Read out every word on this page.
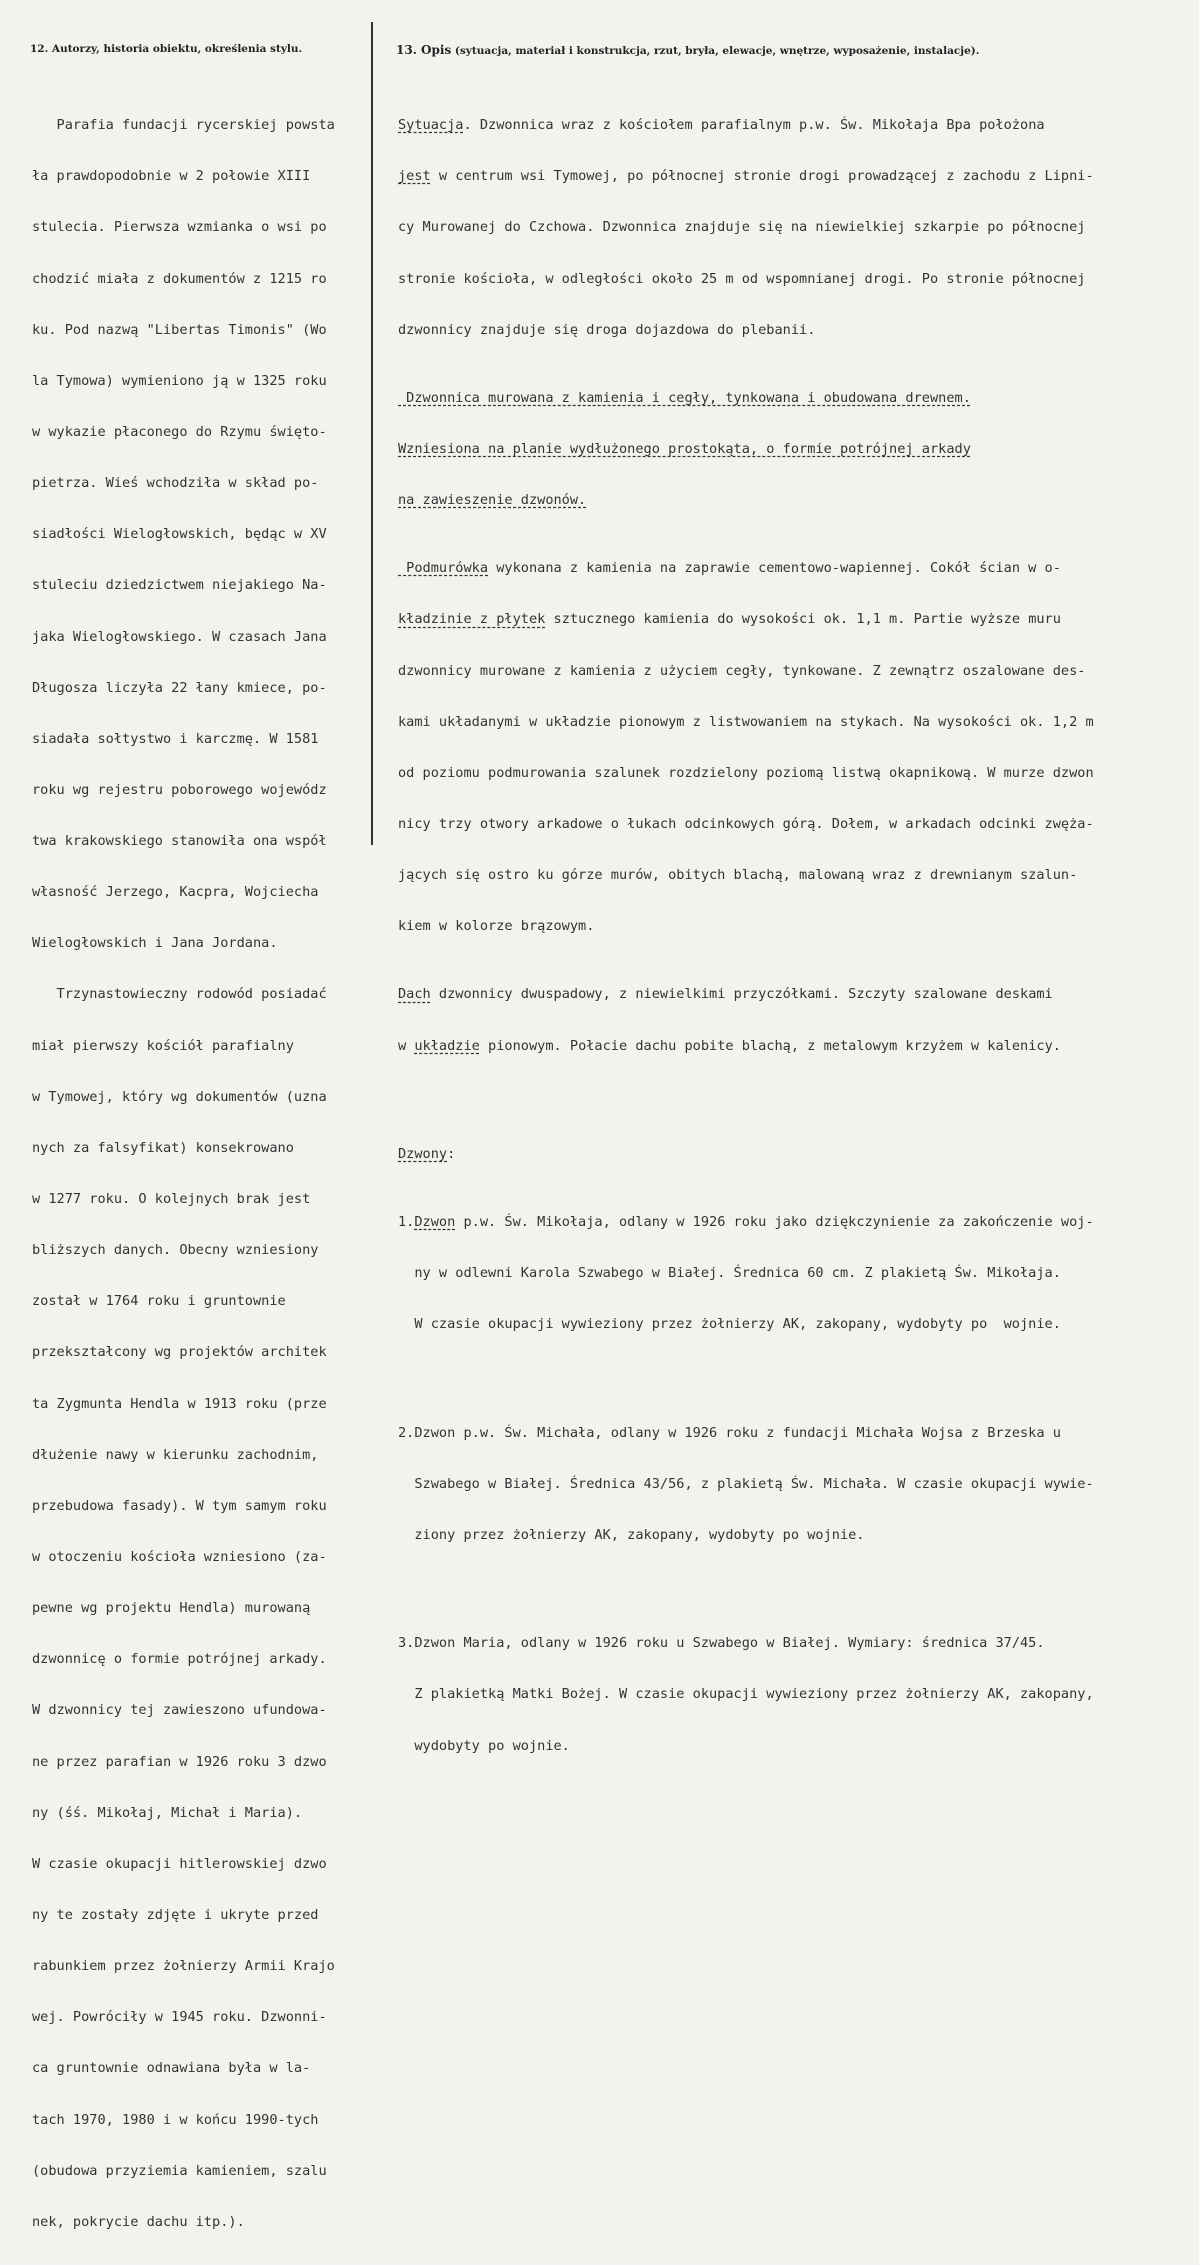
12. Autorzy, historia obiektu, określenia stylu.	13. Opis (sytuacja, materiał i konstrukcja, rzut, bryła, elewacje, wnętrze, wyposażenie, instalacje).

Parafia fundacji rycerskiej powsta

ła prawdopodobnie w 2 połowie XIII

stulecia. Pierwsza wzmianka o wsi po

chodzić miała z dokumentów z 1215 ro

ku. Pod nazwą "Libertas Timonis" (Wo

la Tymowa) wymieniono ją w 1325 roku

w wykazie płaconego do Rzymu święto-

pietrza. Wieś wchodziła w skład po-

siadłości Wielogłowskich, będąc w XV

stuleciu dziedzictwem niejakiego Na-

jaka Wielogłowskiego. W czasach Jana

Długosza liczyła 22 łany kmiece, po-

siadała sołtystwo i karczmę. W 1581

roku wg rejestru poborowego wojewódz

twa krakowskiego stanowiła ona współ

własność Jerzego, Kacpra, Wojciecha

Wielogłowskich i Jana Jordana.

Trzynastowieczny rodowód posiadać

miał pierwszy kościół parafialny

w Tymowej, który wg dokumentów (uzna

nych za falsyfikat) konsekrowano

w 1277 roku. O kolejnych brak jest

bliższych danych. Obecny wzniesiony

został w 1764 roku i gruntownie

przekształcony wg projektów architek

ta Zygmunta Hendla w 1913 roku (prze

dłużenie nawy w kierunku zachodnim,

przebudowa fasady). W tym samym roku

w otoczeniu kościoła wzniesiono (za-

pewne wg projektu Hendla) murowaną

dzwonnicę o formie potrójnej arkady.

W dzwonnicy tej zawieszono ufundowa-

ne przez parafian w 1926 roku 3 dzwo

ny (śś. Mikołaj, Michał i Maria).

W czasie okupacji hitlerowskiej dzwo

ny te zostały zdjęte i ukryte przed

rabunkiem przez żołnierzy Armii Krajo

wej. Powróciły w 1945 roku. Dzwonni-

ca gruntownie odnawiana była w la-

tach 1970, 1980 i w końcu 1990-tych

(obudowa przyziemia kamieniem, szalu

nek, pokrycie dachu itp.).

Sytuacja. Dzwonnica wraz z kościołem parafialnym p.w. Św. Mikołaja Bpa położona

jest w centrum wsi Tymowej, po północnej stronie drogi prowadzącej z zachodu z Lipni-

cy Murowanej do Czchowa. Dzwonnica znajduje się na niewielkiej szkarpie po północnej

stronie kościoła, w odległości około 25 m od wspomnianej drogi. Po stronie północnej

dzwonnicy znajduje się droga dojazdowa do plebanii.

Dzwonnica murowana z kamienia i cegły, tynkowana i obudowana drewnem.

Wzniesiona na planie wydłużonego prostokąta, o formie potrójnej arkady

na zawieszenie dzwonów.

Podmurówka wykonana z kamienia na zaprawie cementowo-wapiennej. Cokół ścian w o-

kładzinie z płytek sztucznego kamienia do wysokości ok. 1,1 m. Partie wyższe muru

dzwonnicy murowane z kamienia z użyciem cegły, tynkowane. Z zewnątrz oszalowane des-

kami układanymi w układzie pionowym z listwowaniem na stykach. Na wysokości ok. 1,2 m

od poziomu podmurowania szalunek rozdzielony poziomą listwą okapnikową. W murze dzwon

nicy trzy otwory arkadowe o łukach odcinkowych górą. Dołem, w arkadach odcinki zwęża-

jących się ostro ku górze murów, obitych blachą, malowaną wraz z drewnianym szalun-

kiem w kolorze brązowym.

Dach dzwonnicy dwuspadowy, z niewielkimi przyczółkami. Szczyty szalowane deskami

w układzie pionowym. Połacie dachu pobite blachą, z metalowym krzyżem w kalenicy.

Dzwony:

1.Dzwon p.w. Św. Mikołaja, odlany w 1926 roku jako dziękczynienie za zakończenie woj-

ny w odlewni Karola Szwabego w Białej. Średnica 60 cm. Z plakietą Św. Mikołaja.

W czasie okupacji wywieziony przez żołnierzy AK, zakopany, wydobyty po  wojnie.

2.Dzwon p.w. Św. Michała, odlany w 1926 roku z fundacji Michała Wojsa z Brzeska u

Szwabego w Białej. Średnica 43/56, z plakietą Św. Michała. W czasie okupacji wywie-

ziony przez żołnierzy AK, zakopany, wydobyty po wojnie.

3.Dzwon Maria, odlany w 1926 roku u Szwabego w Białej. Wymiary: średnica 37/45.

Z plakietką Matki Bożej. W czasie okupacji wywieziony przez żołnierzy AK, zakopany,

wydobyty po wojnie.
